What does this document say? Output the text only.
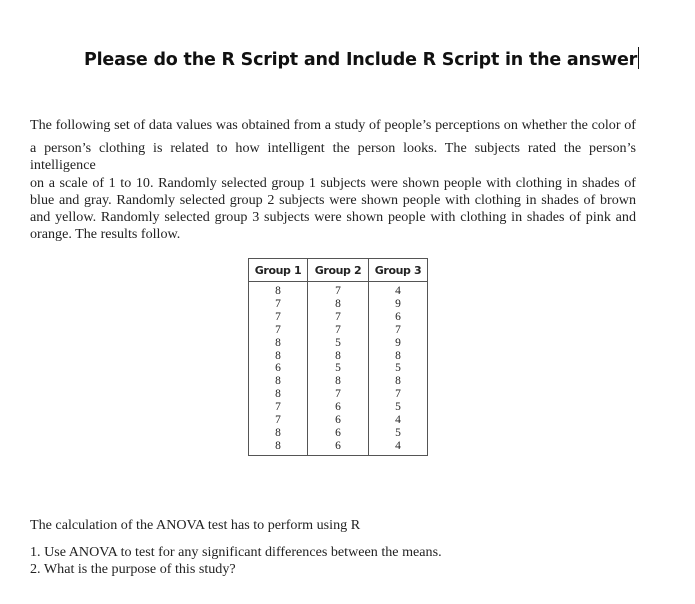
Please do the R Script and Include R Script in the answer
The following set of data values was obtained from a study of people’s perceptions on whether the color of
a person’s clothing is related to how intelligent the person looks. The subjects rated the person’s intelligence
on a scale of 1 to 10. Randomly selected group 1 subjects were shown people with clothing in shades of
blue and gray. Randomly selected group 2 subjects were shown people with clothing in shades of brown
and yellow. Randomly selected group 3 subjects were shown people with clothing in shades of pink and
orange. The results follow.
Group 1	Group 2	Group 3
8	7	4
7	8	9
7	7	6
7	7	7
8	5	9
8	8	8
6	5	5
8	8	8
8	7	7
7	6	5
7	6	4
8	6	5
8	6	4
The calculation of the ANOVA test has to perform using R
1. Use ANOVA to test for any significant differences between the means.
2. What is the purpose of this study?
